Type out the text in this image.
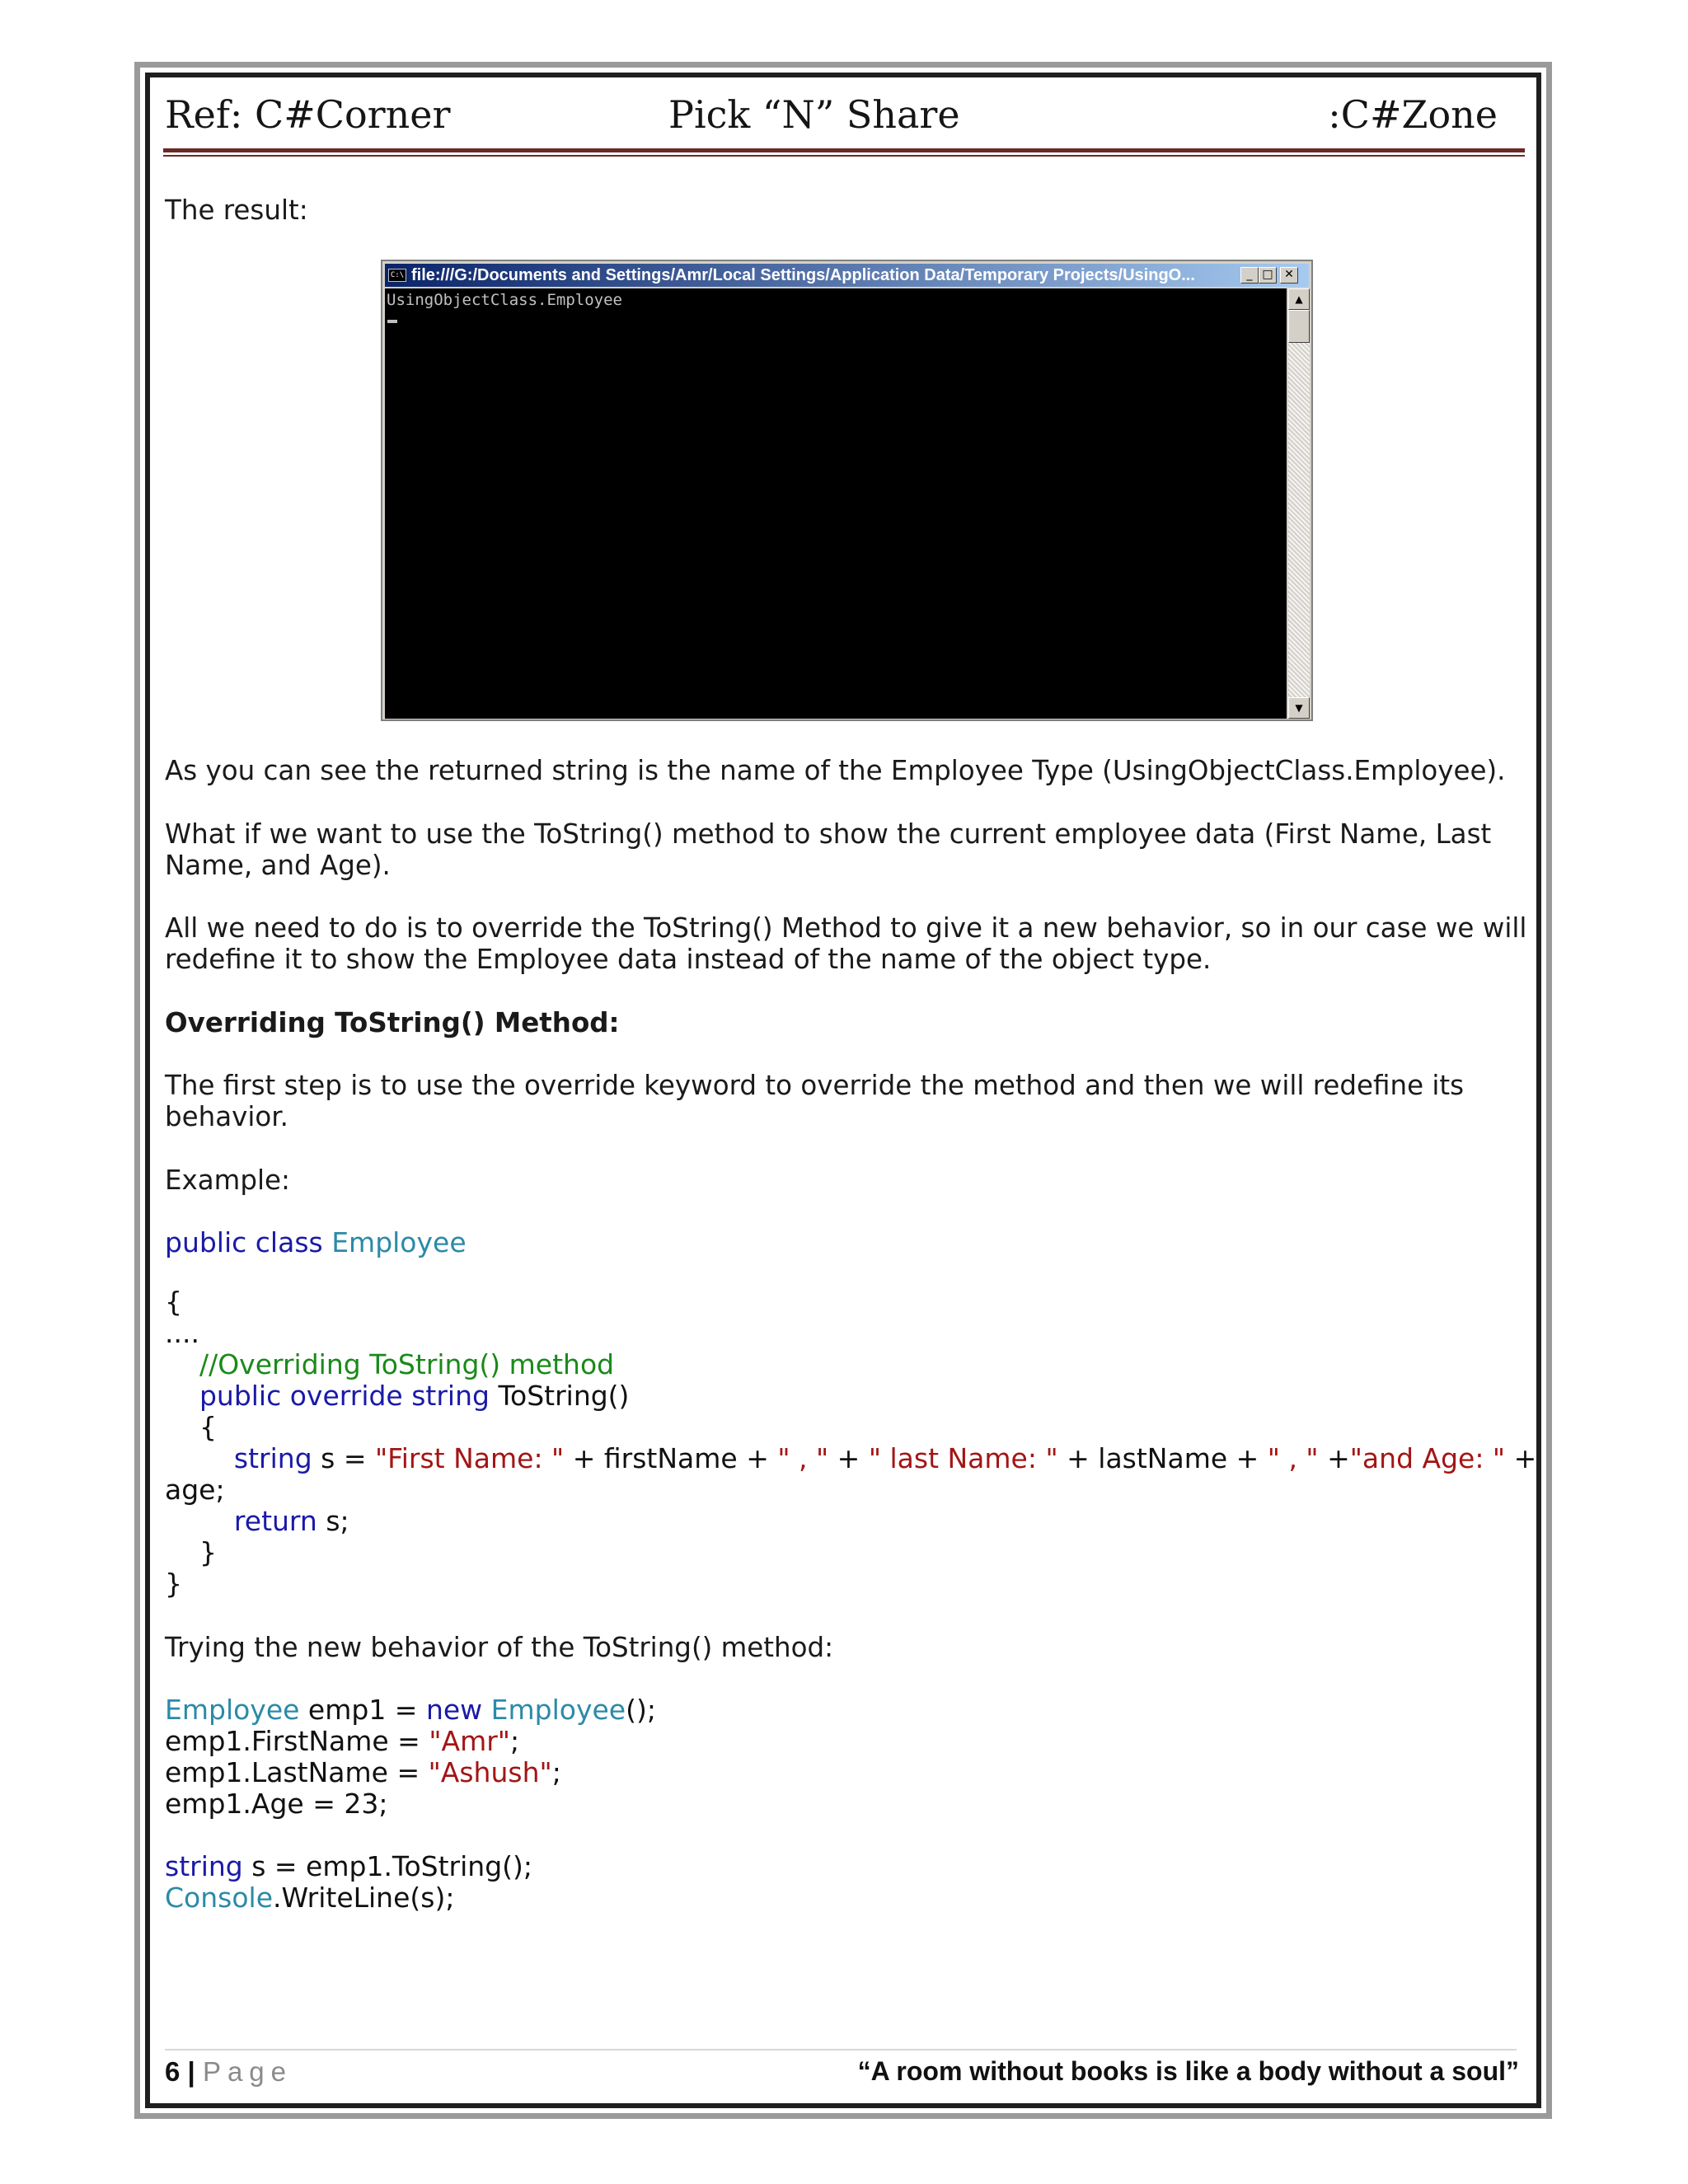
Ref: C#Corner	Pick “N” Share	:C#Zone
The result:
C:\ file:///G:/Documents and Settings/Amr/Local Settings/Application Data/Temporary Projects/UsingO...	_ □ ✕
UsingObjectClass.Employee	▲
▼
As you can see the returned string is the name of the Employee Type (UsingObjectClass.Employee).
What if we want to use the ToString() method to show the current employee data (First Name, Last
Name, and Age).
All we need to do is to override the ToString() Method to give it a new behavior, so in our case we will
redefine it to show the Employee data instead of the name of the object type.
Overriding ToString() Method:
The first step is to use the override keyword to override the method and then we will redefine its
behavior.
Example:
public class Employee
{
....
//Overriding ToString() method
public override string ToString()
{
string s = "First Name: " + firstName + " , " + " last Name: " + lastName + " , " +"and Age: " +
age;
return s;
}
}
Trying the new behavior of the ToString() method:
Employee emp1 = new Employee();
emp1.FirstName = "Amr";
emp1.LastName = "Ashush";
emp1.Age = 23;
string s = emp1.ToString();
Console.WriteLine(s);
6 | Page	“A room without books is like a body without a soul”
